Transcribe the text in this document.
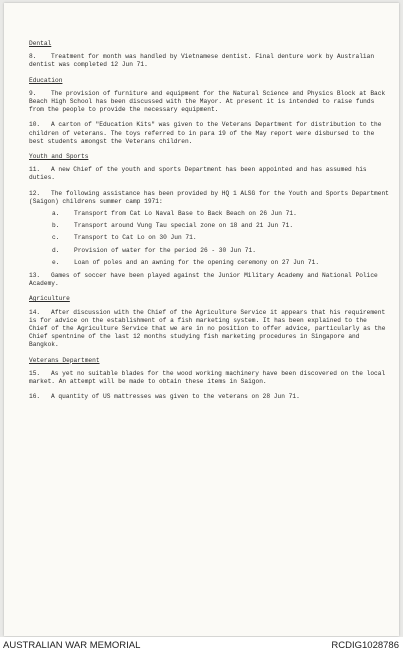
Dental

8. Treatment for month was handled by Vietnamese dentist. Final denture work by Australian dentist was completed 12 Jun 71.

Education

9. The provision of furniture and equipment for the Natural Science and Physics Block at Back Beach High School has been discussed with the Mayor. At present it is intended to raise funds from the people to provide the necessary equipment.

10. A carton of "Education Kits" was given to the Veterans Department for distribution to the children of veterans. The toys referred to in para 19 of the May report were disbursed to the best students amongst the Veterans children.

Youth and Sports

11. A new Chief of the youth and sports Department has been appointed and has assumed his duties.

12. The following assistance has been provided by HQ 1 ALSG for the Youth and Sports Department (Saigon) childrens summer camp 1971:

a.	Transport from Cat Lo Naval Base to Back Beach on 26 Jun 71.
b.	Transport around Vung Tau special zone on 18 and 21 Jun 71.
c.	Transport to Cat Lo on 30 Jun 71.
d.	Provision of water for the period 26 - 30 Jun 71.
e.	Loan of poles and an awning for the opening ceremony on 27 Jun 71.

13. Games of soccer have been played against the Junior Military Academy and National Police Academy.

Agriculture

14. After discussion with the Chief of the Agriculture Service it appears that his requirement is for advice on the establishment of a fish marketing system. It has been explained to the Chief of the Agriculture Service that we are in no position to offer advice, particularly as the Chief spentnine of the last 12 months studying fish marketing procedures in Singapore and Bangkok.

Veterans Department

15. As yet no suitable blades for the wood working machinery have been discovered on the local market. An attempt will be made to obtain these items in Saigon.

16. A quantity of US mattresses was given to the veterans on 28 Jun 71.

AUSTRALIAN WAR MEMORIAL	RCDIG1028786
